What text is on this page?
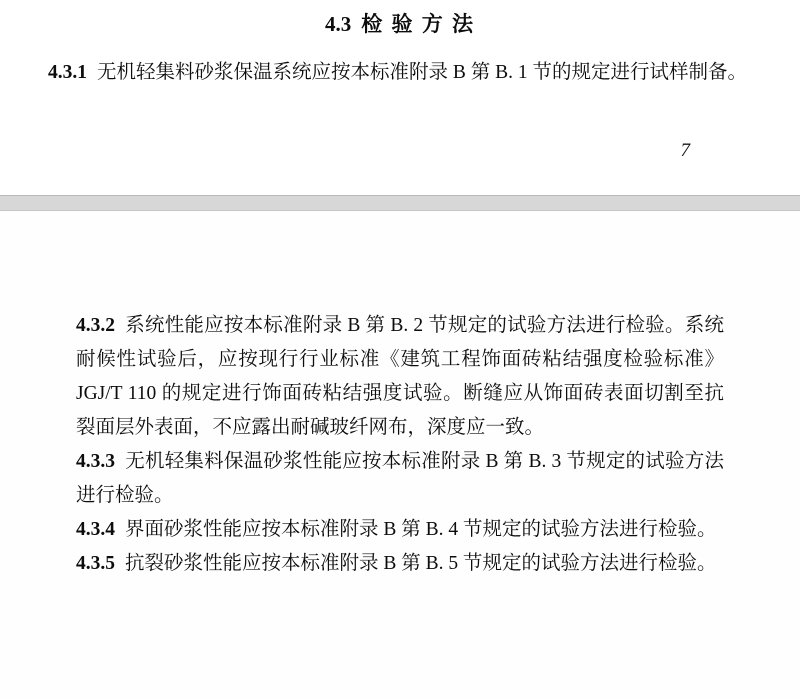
4.3 检 验 方 法

4.3.1 无机轻集料砂浆保温系统应按本标准附录 B 第 B. 1 节的规定进行试样制备。

7

4.3.2 系统性能应按本标准附录 B 第 B. 2 节规定的试验方法进行检验。系统耐候性试验后，应按现行行业标准《建筑工程饰面砖粘结强度检验标准》JGJ/T 110 的规定进行饰面砖粘结强度试验。断缝应从饰面砖表面切割至抗裂面层外表面，不应露出耐碱玻纤网布，深度应一致。

4.3.3 无机轻集料保温砂浆性能应按本标准附录 B 第 B. 3 节规定的试验方法进行检验。

4.3.4 界面砂浆性能应按本标准附录 B 第 B. 4 节规定的试验方法进行检验。

4.3.5 抗裂砂浆性能应按本标准附录 B 第 B. 5 节规定的试验方法进行检验。
